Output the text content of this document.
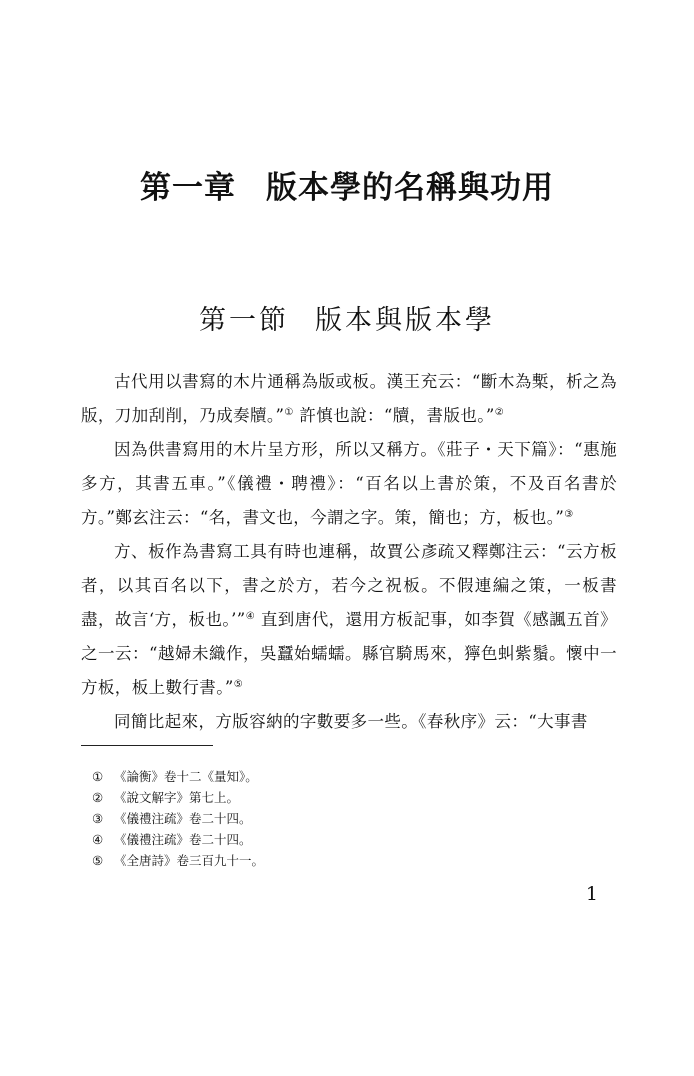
第一章 版本學的名稱與功用
第一節 版本與版本學

古代用以書寫的木片通稱為版或板。漢王充云：“斷木為槧，析之為版，刀加刮削，乃成奏牘。”① 許慎也說：“牘，書版也。”②

因為供書寫用的木片呈方形，所以又稱方。《莊子・天下篇》：“惠施多方，其書五車。”《儀禮・聘禮》：“百名以上書於策，不及百名書於方。”鄭玄注云：“名，書文也，今謂之字。策，簡也；方，板也。”③

方、板作為書寫工具有時也連稱，故賈公彥疏又釋鄭注云：“云方板者，以其百名以下，書之於方，若今之祝板。不假連編之策，一板書盡，故言‘方，板也。’”④ 直到唐代，還用方板記事，如李賀《感諷五首》之一云：“越婦未織作，吳蠶始蠕蠕。縣官騎馬來，獰色虯紫鬚。懷中一方板，板上數行書。”⑤

同簡比起來，方版容納的字數要多一些。《春秋序》云：“大事書

① 《論衡》卷十二《量知》。
② 《說文解字》第七上。
③ 《儀禮注疏》卷二十四。
④ 《儀禮注疏》卷二十四。
⑤ 《全唐詩》卷三百九十一。
1
